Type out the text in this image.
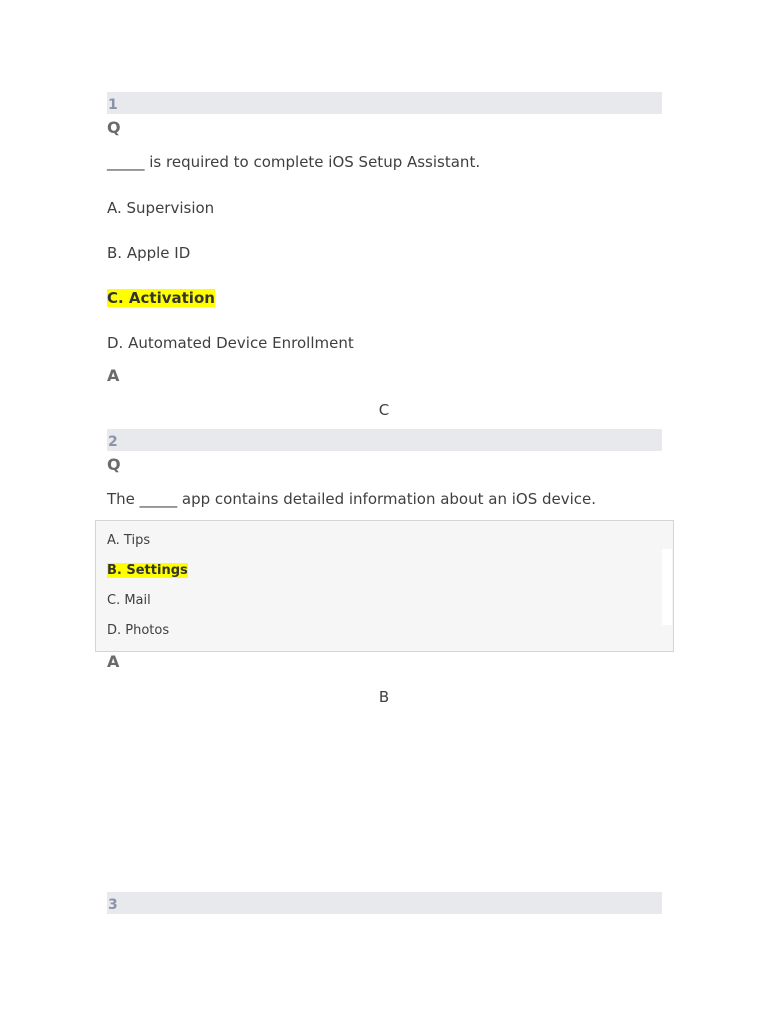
1
Q
_____ is required to complete iOS Setup Assistant.
A. Supervision
B. Apple ID
C. Activation
D. Automated Device Enrollment
A
C
2
Q
The _____ app contains detailed information about an iOS device.
A. Tips
B. Settings
C. Mail
D. Photos
A
B
3
